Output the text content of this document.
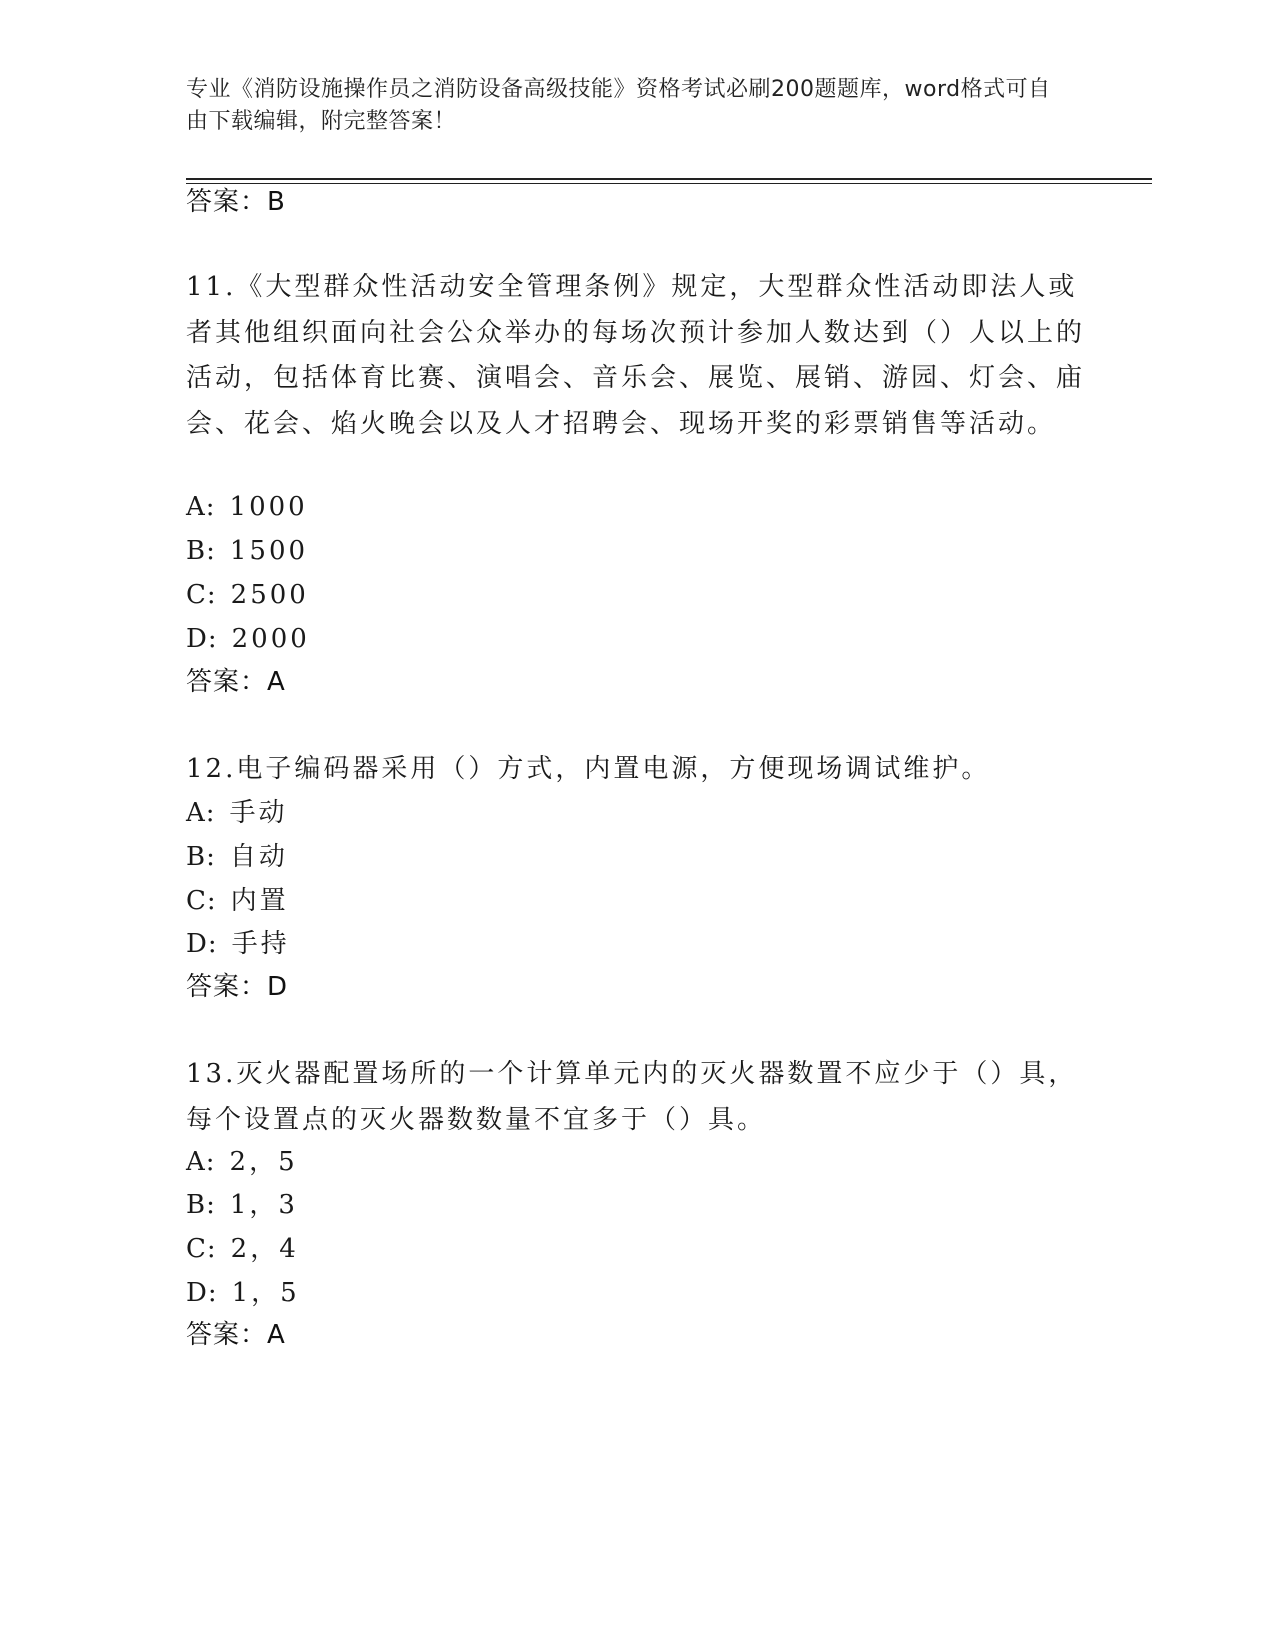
专业《消防设施操作员之消防设备高级技能》资格考试必刷200题题库，word格式可自由下载编辑，附完整答案！
答案：B
11.《大型群众性活动安全管理条例》规定，大型群众性活动即法人或者其他组织面向社会公众举办的每场次预计参加人数达到（）人以上的活动，包括体育比赛、演唱会、音乐会、展览、展销、游园、灯会、庙会、花会、焰火晚会以及人才招聘会、现场开奖的彩票销售等活动。
A: 1000
B: 1500
C: 2500
D: 2000
答案：A
12.电子编码器采用（）方式，内置电源，方便现场调试维护。
A: 手动
B: 自动
C: 内置
D: 手持
答案：D
13.灭火器配置场所的一个计算单元内的灭火器数置不应少于（）具，每个设置点的灭火器数数量不宜多于（）具。
A: 2，5
B: 1，3
C: 2，4
D: 1，5
答案：A
